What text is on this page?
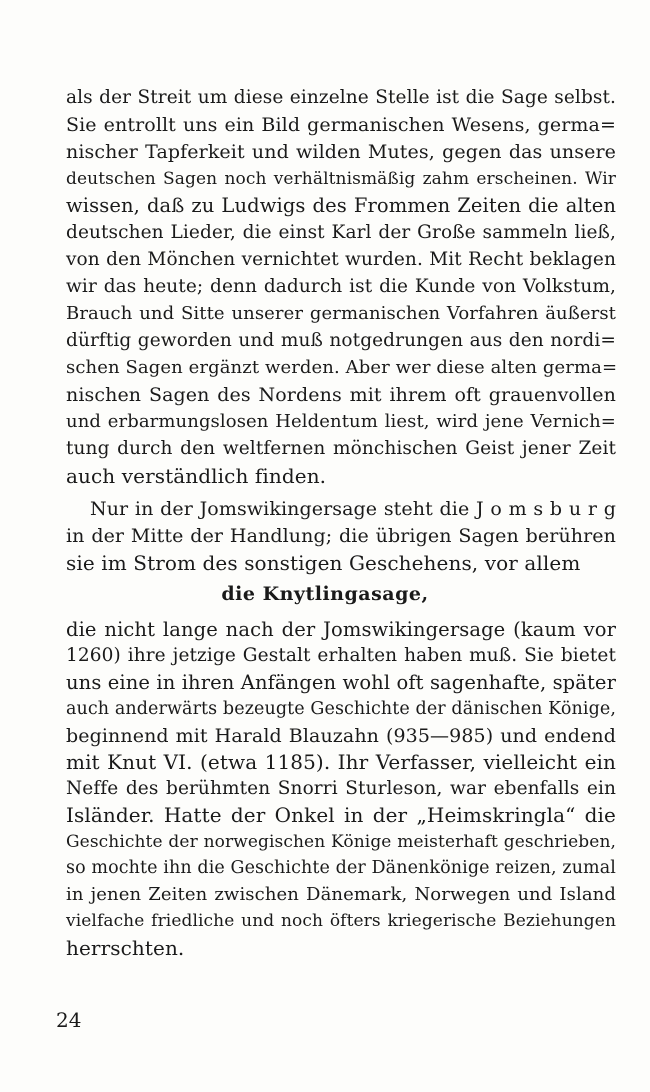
als der Streit um diese einzelne Stelle ist die Sage selbst.
Sie entrollt uns ein Bild germanischen Wesens, germa=
nischer Tapferkeit und wilden Mutes, gegen das unsere
deutschen Sagen noch verhältnismäßig zahm erscheinen. Wir
wissen, daß zu Ludwigs des Frommen Zeiten die alten
deutschen Lieder, die einst Karl der Große sammeln ließ,
von den Mönchen vernichtet wurden. Mit Recht beklagen
wir das heute; denn dadurch ist die Kunde von Volkstum,
Brauch und Sitte unserer germanischen Vorfahren äußerst
dürftig geworden und muß notgedrungen aus den nordi=
schen Sagen ergänzt werden. Aber wer diese alten germa=
nischen Sagen des Nordens mit ihrem oft grauenvollen
und erbarmungslosen Heldentum liest, wird jene Vernich=
tung durch den weltfernen mönchischen Geist jener Zeit
auch verständlich finden.
Nur in der Jomswikingersage steht die J o m s b u r g
in der Mitte der Handlung; die übrigen Sagen berühren
sie im Strom des sonstigen Geschehens, vor allem
die Knytlingasage,
die nicht lange nach der Jomswikingersage (kaum vor
1260) ihre jetzige Gestalt erhalten haben muß. Sie bietet
uns eine in ihren Anfängen wohl oft sagenhafte, später
auch anderwärts bezeugte Geschichte der dänischen Könige,
beginnend mit Harald Blauzahn (935—985) und endend
mit Knut VI. (etwa 1185). Ihr Verfasser, vielleicht ein
Neffe des berühmten Snorri Sturleson, war ebenfalls ein
Isländer. Hatte der Onkel in der „Heimskringla“ die
Geschichte der norwegischen Könige meisterhaft geschrieben,
so mochte ihn die Geschichte der Dänenkönige reizen, zumal
in jenen Zeiten zwischen Dänemark, Norwegen und Island
vielfache friedliche und noch öfters kriegerische Beziehungen
herrschten.
24
